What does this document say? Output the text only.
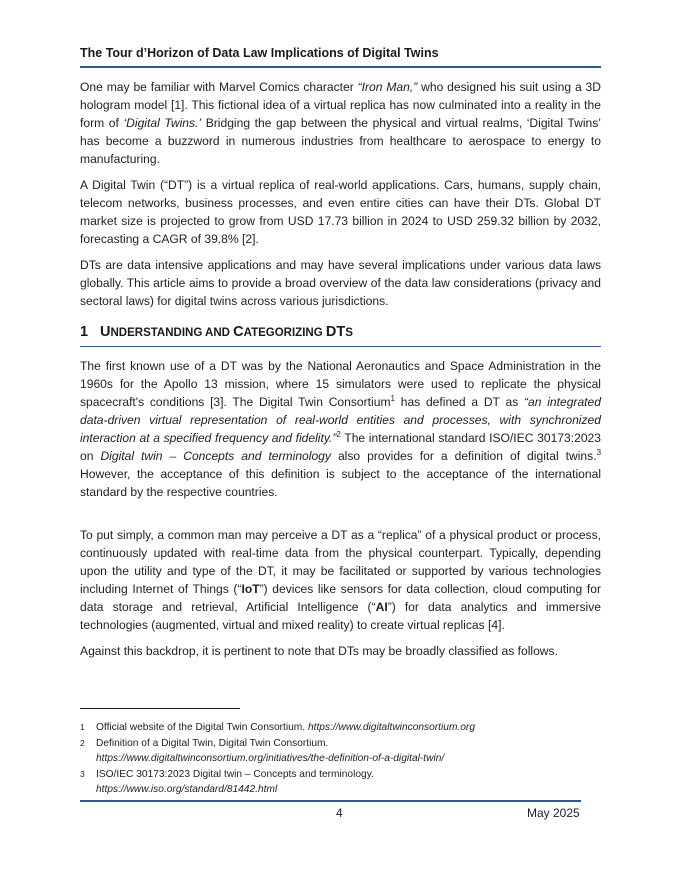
The Tour d’Horizon of Data Law Implications of Digital Twins

One may be familiar with Marvel Comics character “Iron Man,” who designed his suit using a 3D hologram model [1]. This fictional idea of a virtual replica has now culminated into a reality in the form of ‘Digital Twins.’ Bridging the gap between the physical and virtual realms, ‘Digital Twins’ has become a buzzword in numerous industries from healthcare to aerospace to energy to manufacturing.

A Digital Twin (“DT”) is a virtual replica of real-world applications. Cars, humans, supply chain, telecom networks, business processes, and even entire cities can have their DTs. Global DT market size is projected to grow from USD 17.73 billion in 2024 to USD 259.32 billion by 2032, forecasting a CAGR of 39.8% [2].

DTs are data intensive applications and may have several implications under various data laws globally. This article aims to provide a broad overview of the data law considerations (privacy and sectoral laws) for digital twins across various jurisdictions.

1 UNDERSTANDING AND CATEGORIZING DTS

The first known use of a DT was by the National Aeronautics and Space Administration in the 1960s for the Apollo 13 mission, where 15 simulators were used to replicate the physical spacecraft's conditions [3]. The Digital Twin Consortium$^1$ has defined a DT as “an integrated data-driven virtual representation of real-world entities and processes, with synchronized interaction at a specified frequency and fidelity.”$^2$ The international standard ISO/IEC 30173:2023 on Digital twin – Concepts and terminology also provides for a definition of digital twins.$^3$ However, the acceptance of this definition is subject to the acceptance of the international standard by the respective countries.

To put simply, a common man may perceive a DT as a “replica” of a physical product or process, continuously updated with real-time data from the physical counterpart. Typically, depending upon the utility and type of the DT, it may be facilitated or supported by various technologies including Internet of Things (“IoT”) devices like sensors for data collection, cloud computing for data storage and retrieval, Artificial Intelligence (“AI”) for data analytics and immersive technologies (augmented, virtual and mixed reality) to create virtual replicas [4].

Against this backdrop, it is pertinent to note that DTs may be broadly classified as follows.

1 Official website of the Digital Twin Consortium. https://www.digitaltwinconsortium.org
2 Definition of a Digital Twin, Digital Twin Consortium.
https://www.digitaltwinconsortium.org/initiatives/the-definition-of-a-digital-twin/
3 ISO/IEC 30173:2023 Digital twin – Concepts and terminology.
https://www.iso.org/standard/81442.html
4	May 2025
